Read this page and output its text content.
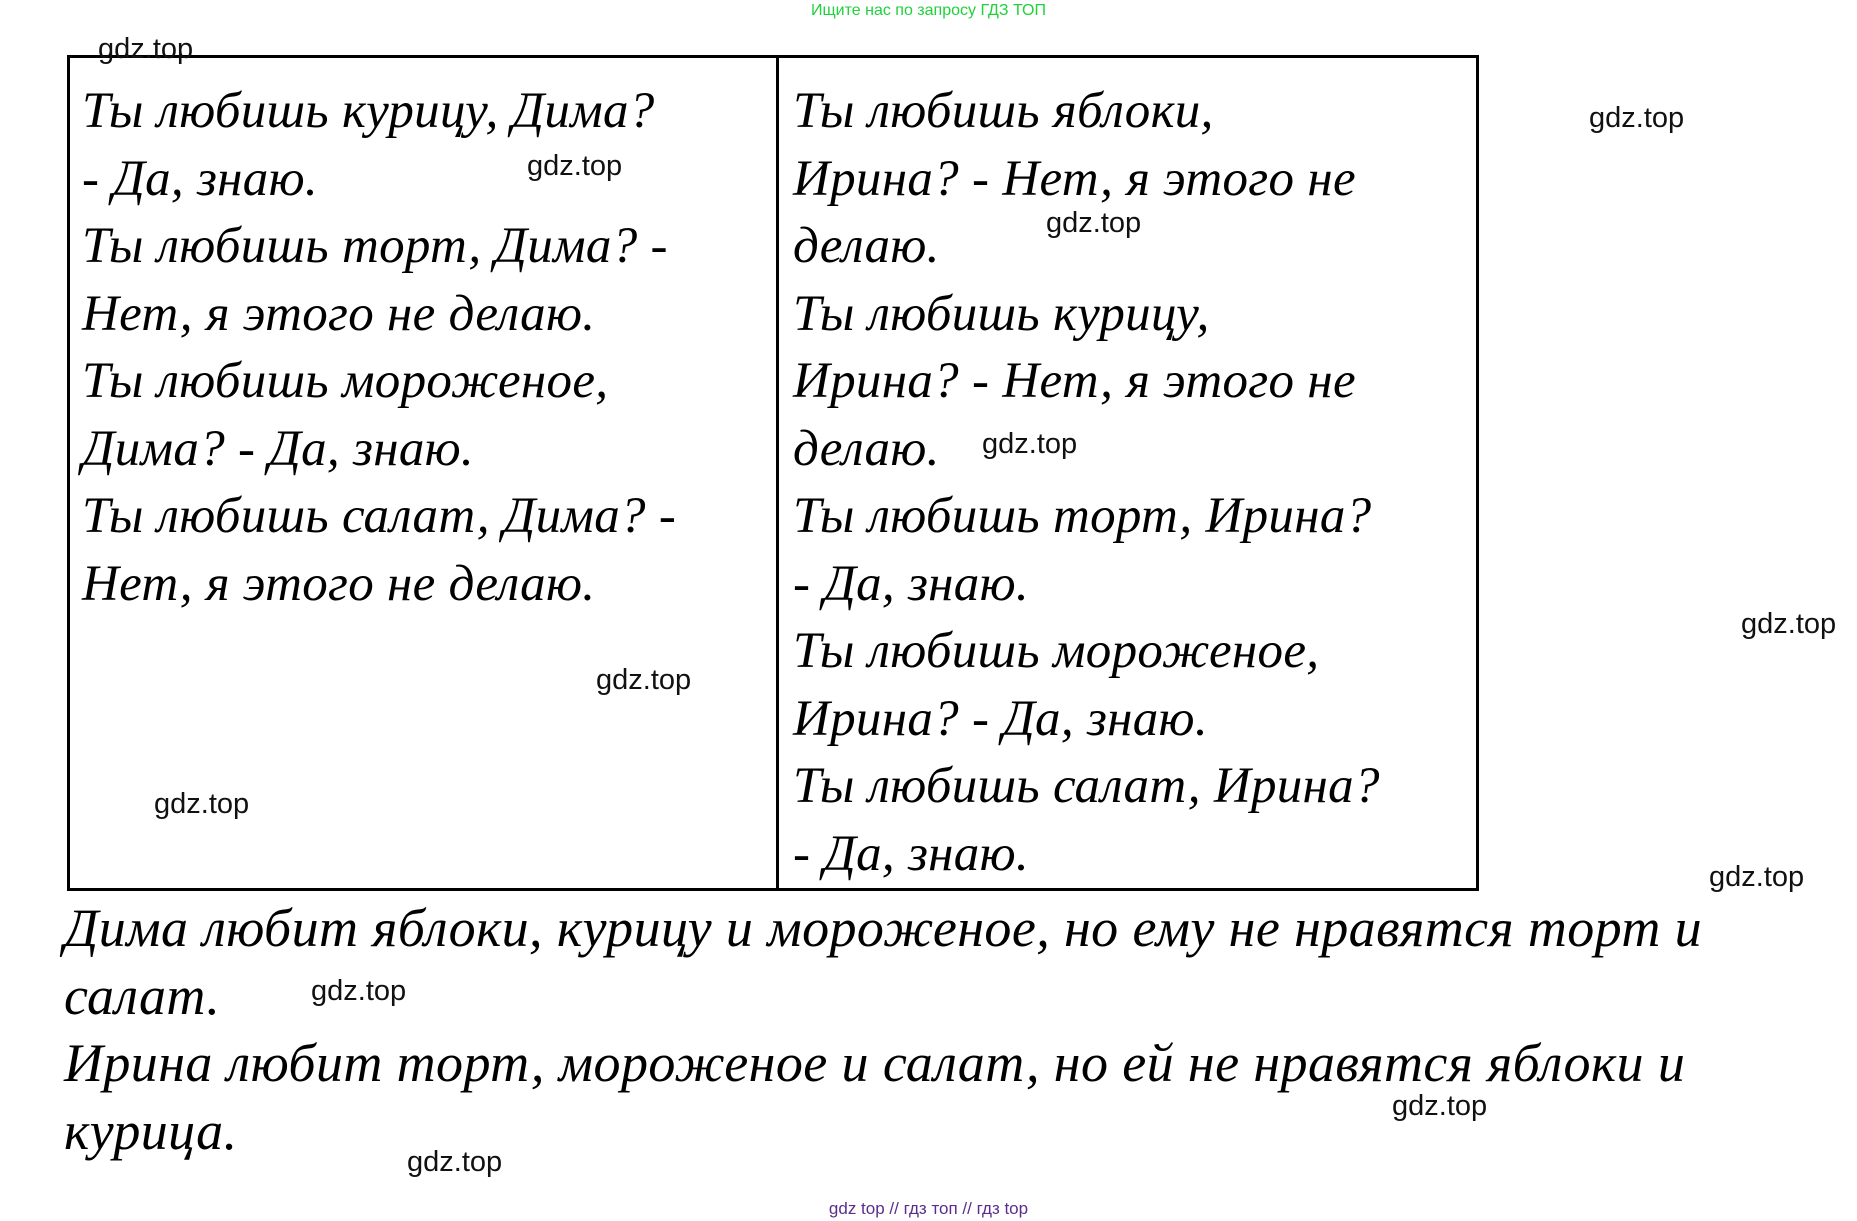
Ищите нас по запросу ГДЗ ТОП
Ты любишь курицу, Дима?
- Да, знаю.
Ты любишь торт, Дима? -
Нет, я этого не делаю.
Ты любишь мороженое,
Дима? - Да, знаю.
Ты любишь салат, Дима? -
Нет, я этого не делаю.
Ты любишь яблоки,
Ирина? - Нет, я этого не
делаю.
Ты любишь курицу,
Ирина? - Нет, я этого не
делаю.
Ты любишь торт, Ирина?
- Да, знаю.
Ты любишь мороженое,
Ирина? - Да, знаю.
Ты любишь салат, Ирина?
- Да, знаю.
Дима любит яблоки, курицу и мороженое, но ему не нравятся торт и
салат.
Ирина любит торт, мороженое и салат, но ей не нравятся яблоки и
курица.
gdz.top
gdz.top
gdz.top
gdz.top
gdz.top
gdz.top
gdz.top
gdz.top
gdz.top
gdz.top
gdz.top
gdz.top
gdz top // гдз топ // гдз top
